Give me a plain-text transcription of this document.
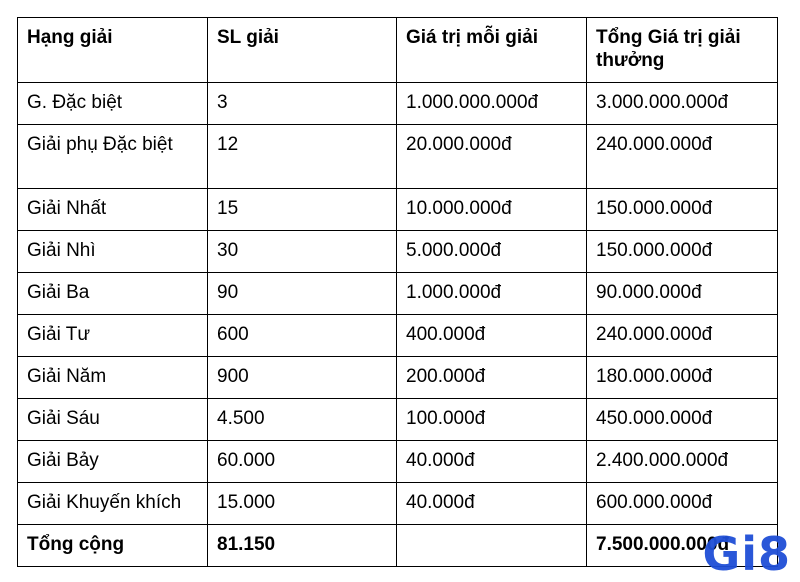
Hạng giải	SL giải	Giá trị mỗi giải	Tổng Giá trị giải thưởng
G. Đặc biệt	3	1.000.000.000đ	3.000.000.000đ
Giải phụ Đặc biệt	12	20.000.000đ	240.000.000đ
Giải Nhất	15	10.000.000đ	150.000.000đ
Giải Nhì	30	5.000.000đ	150.000.000đ
Giải Ba	90	1.000.000đ	90.000.000đ
Giải Tư	600	400.000đ	240.000.000đ
Giải Năm	900	200.000đ	180.000.000đ
Giải Sáu	4.500	100.000đ	450.000.000đ
Giải Bảy	60.000	40.000đ	2.400.000.000đ
Giải Khuyến khích	15.000	40.000đ	600.000.000đ
Tổng cộng	81.150		7.500.000.000đ
Gi8
